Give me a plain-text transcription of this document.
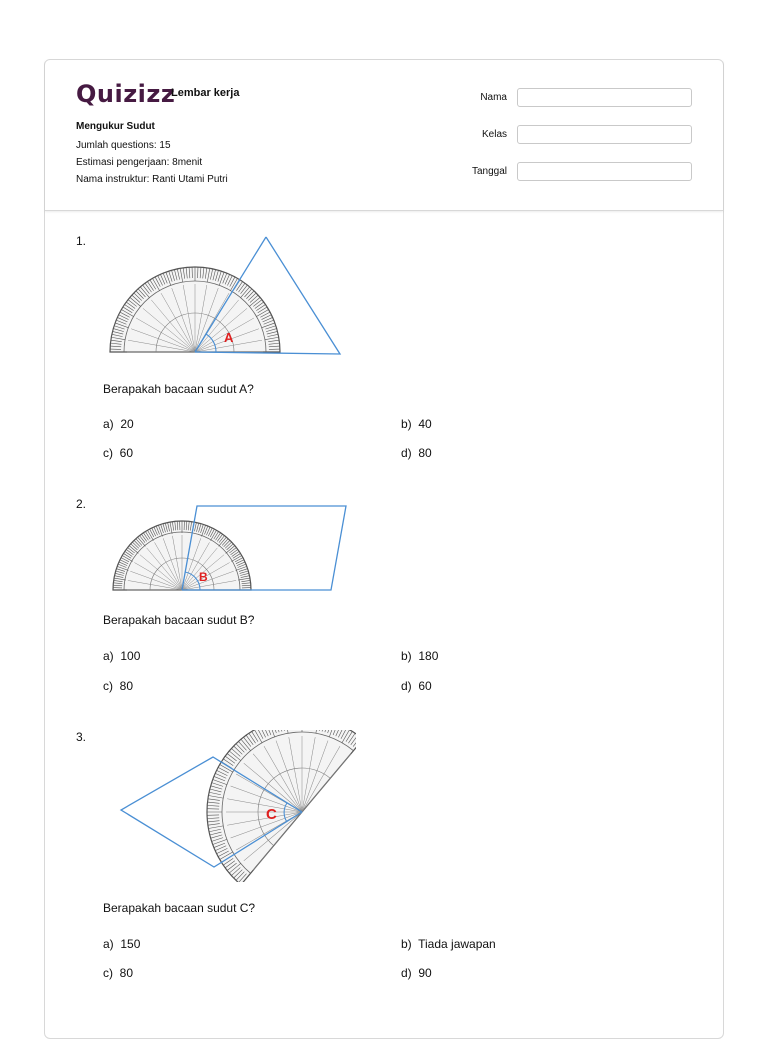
Quizizz
Lembar kerja
Mengukur Sudut
Jumlah questions: 15
Estimasi pengerjaan: 8menit
Nama instruktur: Ranti Utami Putri
Nama
Kelas
Tanggal
1.
A
Berapakah bacaan sudut A?
a) 20	b) 40
c) 60	d) 80
2.
B
Berapakah bacaan sudut B?
a) 100	b) 180
c) 80	d) 60
3.
C
Berapakah bacaan sudut C?
a) 150	b) Tiada jawapan
c) 80	d) 90
